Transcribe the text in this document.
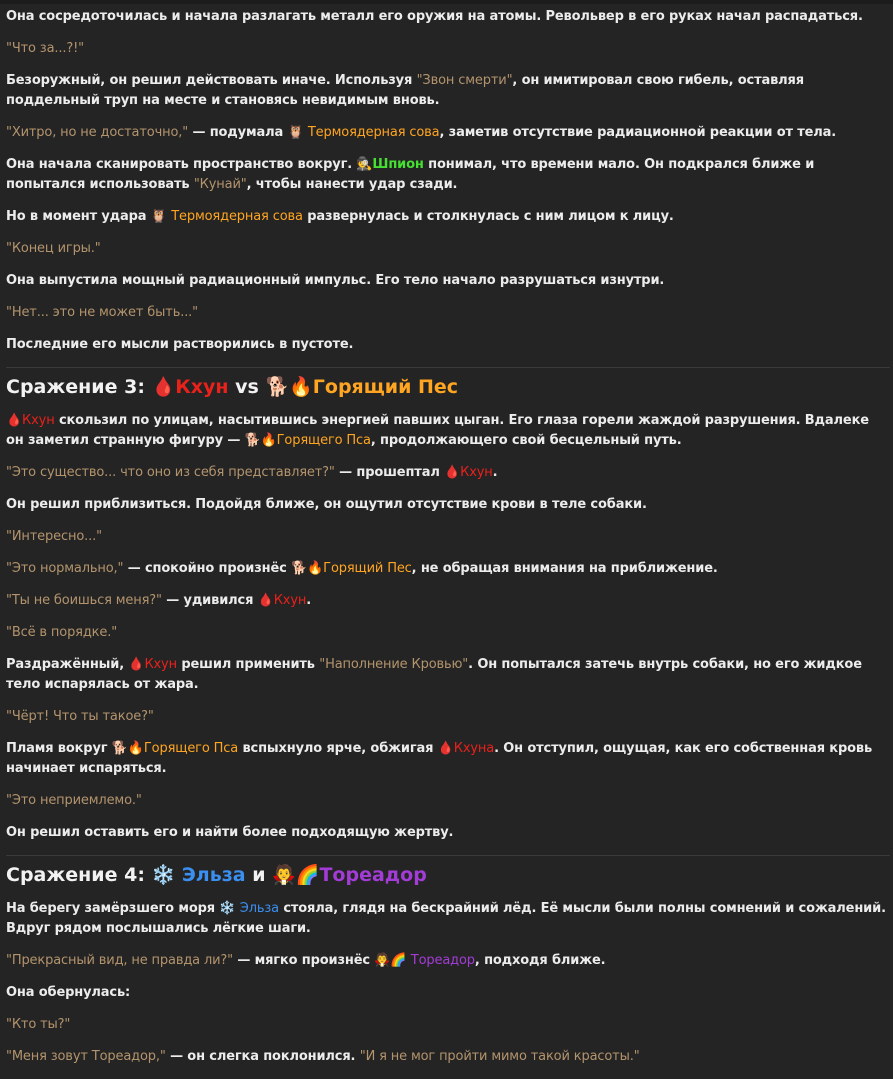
Она сосредоточилась и начала разлагать металл его оружия на атомы. Револьвер в его руках начал распадаться.

"Что за...?!"

Безоружный, он решил действовать иначе. Используя "Звон смерти", он имитировал свою гибель, оставляя поддельный труп на месте и становясь невидимым вновь.

"Хитро, но не достаточно," — подумала 🦉 Термоядерная сова, заметив отсутствие радиационной реакции от тела.

Она начала сканировать пространство вокруг. 🕵Шпион понимал, что времени мало. Он подкрался ближе и попытался использовать "Кунай", чтобы нанести удар сзади.

Но в момент удара 🦉 Термоядерная сова развернулась и столкнулась с ним лицом к лицу.

"Конец игры."

Она выпустила мощный радиационный импульс. Его тело начало разрушаться изнутри.

"Нет... это не может быть..."

Последние его мысли растворились в пустоте.

Сражение 3: 🩸Кхун vs 🐕🔥Горящий Пес

🩸Кхун скользил по улицам, насытившись энергией павших цыган. Его глаза горели жаждой разрушения. Вдалеке он заметил странную фигуру — 🐕🔥Горящего Пса, продолжающего свой бесцельный путь.

"Это существо... что оно из себя представляет?" — прошептал 🩸Кхун.

Он решил приблизиться. Подойдя ближе, он ощутил отсутствие крови в теле собаки.

"Интересно..."

"Это нормально," — спокойно произнёс 🐕🔥Горящий Пес, не обращая внимания на приближение.

"Ты не боишься меня?" — удивился 🩸Кхун.

"Всё в порядке."

Раздражённый, 🩸Кхун решил применить "Наполнение Кровью". Он попытался затечь внутрь собаки, но его жидкое тело испарялась от жара.

"Чёрт! Что ты такое?"

Пламя вокруг 🐕🔥Горящего Пса вспыхнуло ярче, обжигая 🩸Кхуна. Он отступил, ощущая, как его собственная кровь начинает испаряться.

"Это неприемлемо."

Он решил оставить его и найти более подходящую жертву.

Сражение 4: ❄️ Эльза и 🧛🌈Тореадор

На берегу замёрзшего моря ❄️ Эльза стояла, глядя на бескрайний лёд. Её мысли были полны сомнений и сожалений. Вдруг рядом послышались лёгкие шаги.

"Прекрасный вид, не правда ли?" — мягко произнёс 🧛🌈 Тореадор, подходя ближе.

Она обернулась:

"Кто ты?"

"Меня зовут Тореадор," — он слегка поклонился. "И я не мог пройти мимо такой красоты."
